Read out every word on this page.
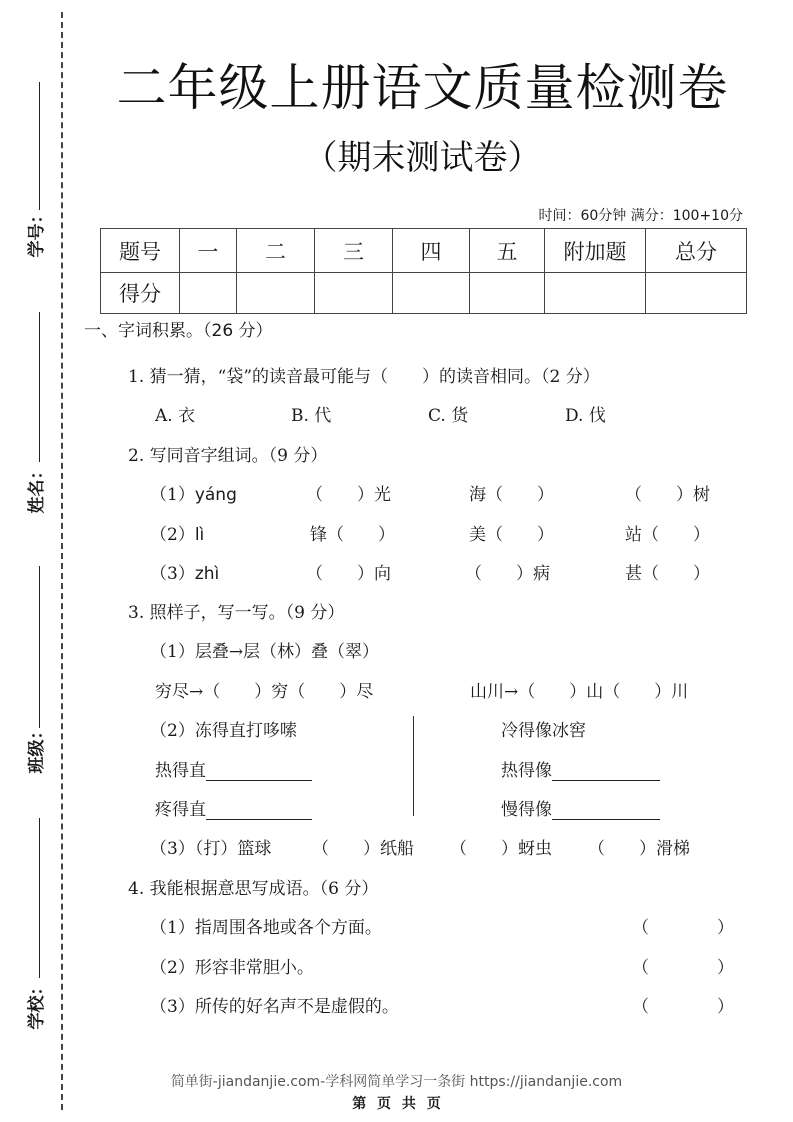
学号：
姓名：
班级：
学校：
二年级上册语文质量检测卷
（期末测试卷）
时间：60分钟 满分：100+10分
题号	一	二	三	四	五	附加题	总分
得分							
一、字词积累。（26 分）
1. 猜一猜，“袋”的读音最可能与（　　）的读音相同。（2 分）
A. 衣	B. 代	C. 货	D. 伐
2. 写同音字组词。（9 分）
（1）yáng	（　　）光	海（　　）	（　　）树
（2）lì	锋（　　）	美（　　）	站（　　）
（3）zhì	（　　）向	（　　）病	甚（　　）
3. 照样子，写一写。（9 分）
（1）层叠→层（林）叠（翠）
穷尽→（　　）穷（　　）尽	山川→（　　）山（　　）川
（2）冻得直打哆嗦
热得直
疼得直
冷得像冰窖
热得像
慢得像
（3）（打）篮球 （　　）纸船 （　　）蚜虫 （　　）滑梯
4. 我能根据意思写成语。（6 分）
（1）指周围各地或各个方面。	（　　　　）
（2）形容非常胆小。	（　　　　）
（3）所传的好名声不是虚假的。	（　　　　）
简单街-jiandanjie.com-学科网简单学习一条街 https://jiandanjie.com
第 页 共 页
